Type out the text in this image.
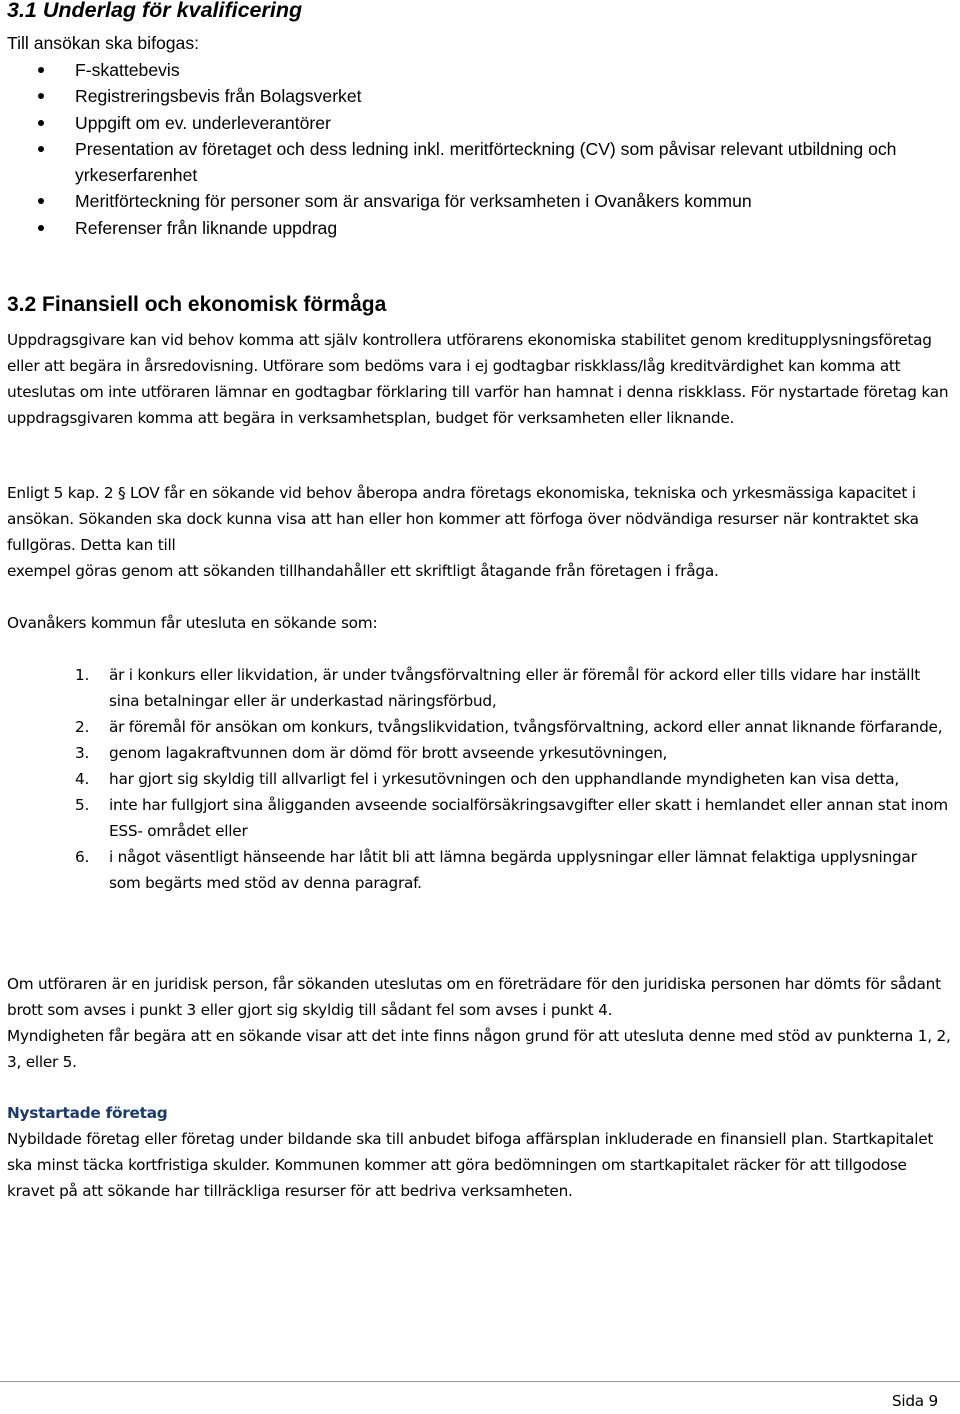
3.1 Underlag för kvalificering

Till ansökan ska bifogas:

F-skattebevis
Registreringsbevis från Bolagsverket
Uppgift om ev. underleverantörer
Presentation av företaget och dess ledning inkl. meritförteckning (CV) som påvisar relevant utbildning och yrkeserfarenhet
Meritförteckning för personer som är ansvariga för verksamheten i Ovanåkers kommun
Referenser från liknande uppdrag
3.2 Finansiell och ekonomisk förmåga

Uppdragsgivare kan vid behov komma att själv kontrollera utförarens ekonomiska stabilitet genom kreditupplysningsföretag eller att begära in årsredovisning. Utförare som bedöms vara i ej godtagbar riskklass/låg kreditvärdighet kan komma att uteslutas om inte utföraren lämnar en godtagbar förklaring till varför han hamnat i denna riskklass. För nystartade företag kan uppdragsgivaren komma att begära in verksamhetsplan, budget för verksamheten eller liknande.

Enligt 5 kap. 2 § LOV får en sökande vid behov åberopa andra företags ekonomiska, tekniska och yrkesmässiga kapacitet i ansökan. Sökanden ska dock kunna visa att han eller hon kommer att förfoga över nödvändiga resurser när kontraktet ska fullgöras. Detta kan till
exempel göras genom att sökanden tillhandahåller ett skriftligt åtagande från företagen i fråga.

Ovanåkers kommun får utesluta en sökande som:

1. är i konkurs eller likvidation, är under tvångsförvaltning eller är föremål för ackord eller tills vidare har inställt sina betalningar eller är underkastad näringsförbud,
2. är föremål för ansökan om konkurs, tvångslikvidation, tvångsförvaltning, ackord eller annat liknande förfarande,
3. genom lagakraftvunnen dom är dömd för brott avseende yrkesutövningen,
4. har gjort sig skyldig till allvarligt fel i yrkesutövningen och den upphandlande myndigheten kan visa detta,
5. inte har fullgjort sina åligganden avseende socialförsäkringsavgifter eller skatt i hemlandet eller annan stat inom ESS- området eller
6. i något väsentligt hänseende har låtit bli att lämna begärda upplysningar eller lämnat felaktiga upplysningar som begärts med stöd av denna paragraf.

Om utföraren är en juridisk person, får sökanden uteslutas om en företrädare för den juridiska personen har dömts för sådant brott som avses i punkt 3 eller gjort sig skyldig till sådant fel som avses i punkt 4.

Myndigheten får begära att en sökande visar att det inte finns någon grund för att utesluta denne med stöd av punkterna 1, 2, 3, eller 5.

Nystartade företag

Nybildade företag eller företag under bildande ska till anbudet bifoga affärsplan inkluderade en finansiell plan. Startkapitalet ska minst täcka kortfristiga skulder. Kommunen kommer att göra bedömningen om startkapitalet räcker för att tillgodose kravet på att sökande har tillräckliga resurser för att bedriva verksamheten.

Sida 9
